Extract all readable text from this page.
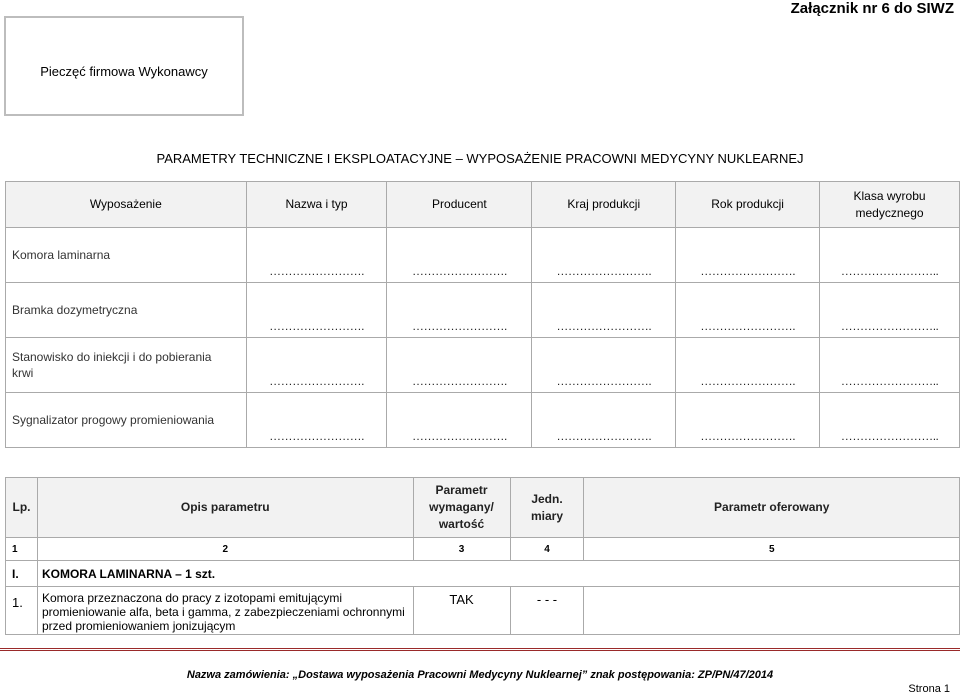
Załącznik nr 6 do SIWZ
Pieczęć firmowa Wykonawcy
PARAMETRY TECHNICZNE I EKSPLOATACYJNE – WYPOSAŻENIE PRACOWNI MEDYCYNY NUKLEARNEJ
Wyposażenie	Nazwa i typ	Producent	Kraj produkcji	Rok produkcji	Klasa wyrobu medycznego
Komora laminarna	…………………….	…………………….	…………………….	…………………….	……………………..
Bramka dozymetryczna	…………………….	…………………….	…………………….	…………………….	……………………..
Stanowisko do iniekcji i do pobierania krwi	…………………….	…………………….	…………………….	…………………….	……………………..
Sygnalizator progowy promieniowania	…………………….	…………………….	…………………….	…………………….	……………………..
Lp.	Opis parametru	Parametr wymagany/ wartość	Jedn. miary	Parametr oferowany
1	2	3	4	5
I.	KOMORA LAMINARNA – 1 szt.			
1.	Komora przeznaczona do pracy z izotopami emitującymi promieniowanie alfa, beta i gamma, z zabezpieczeniami ochronnymi przed promieniowaniem jonizującym	TAK	- - -	
Nazwa zamówienia: „Dostawa wyposażenia Pracowni Medycyny Nuklearnej” znak postępowania: ZP/PN/47/2014
Strona 1
